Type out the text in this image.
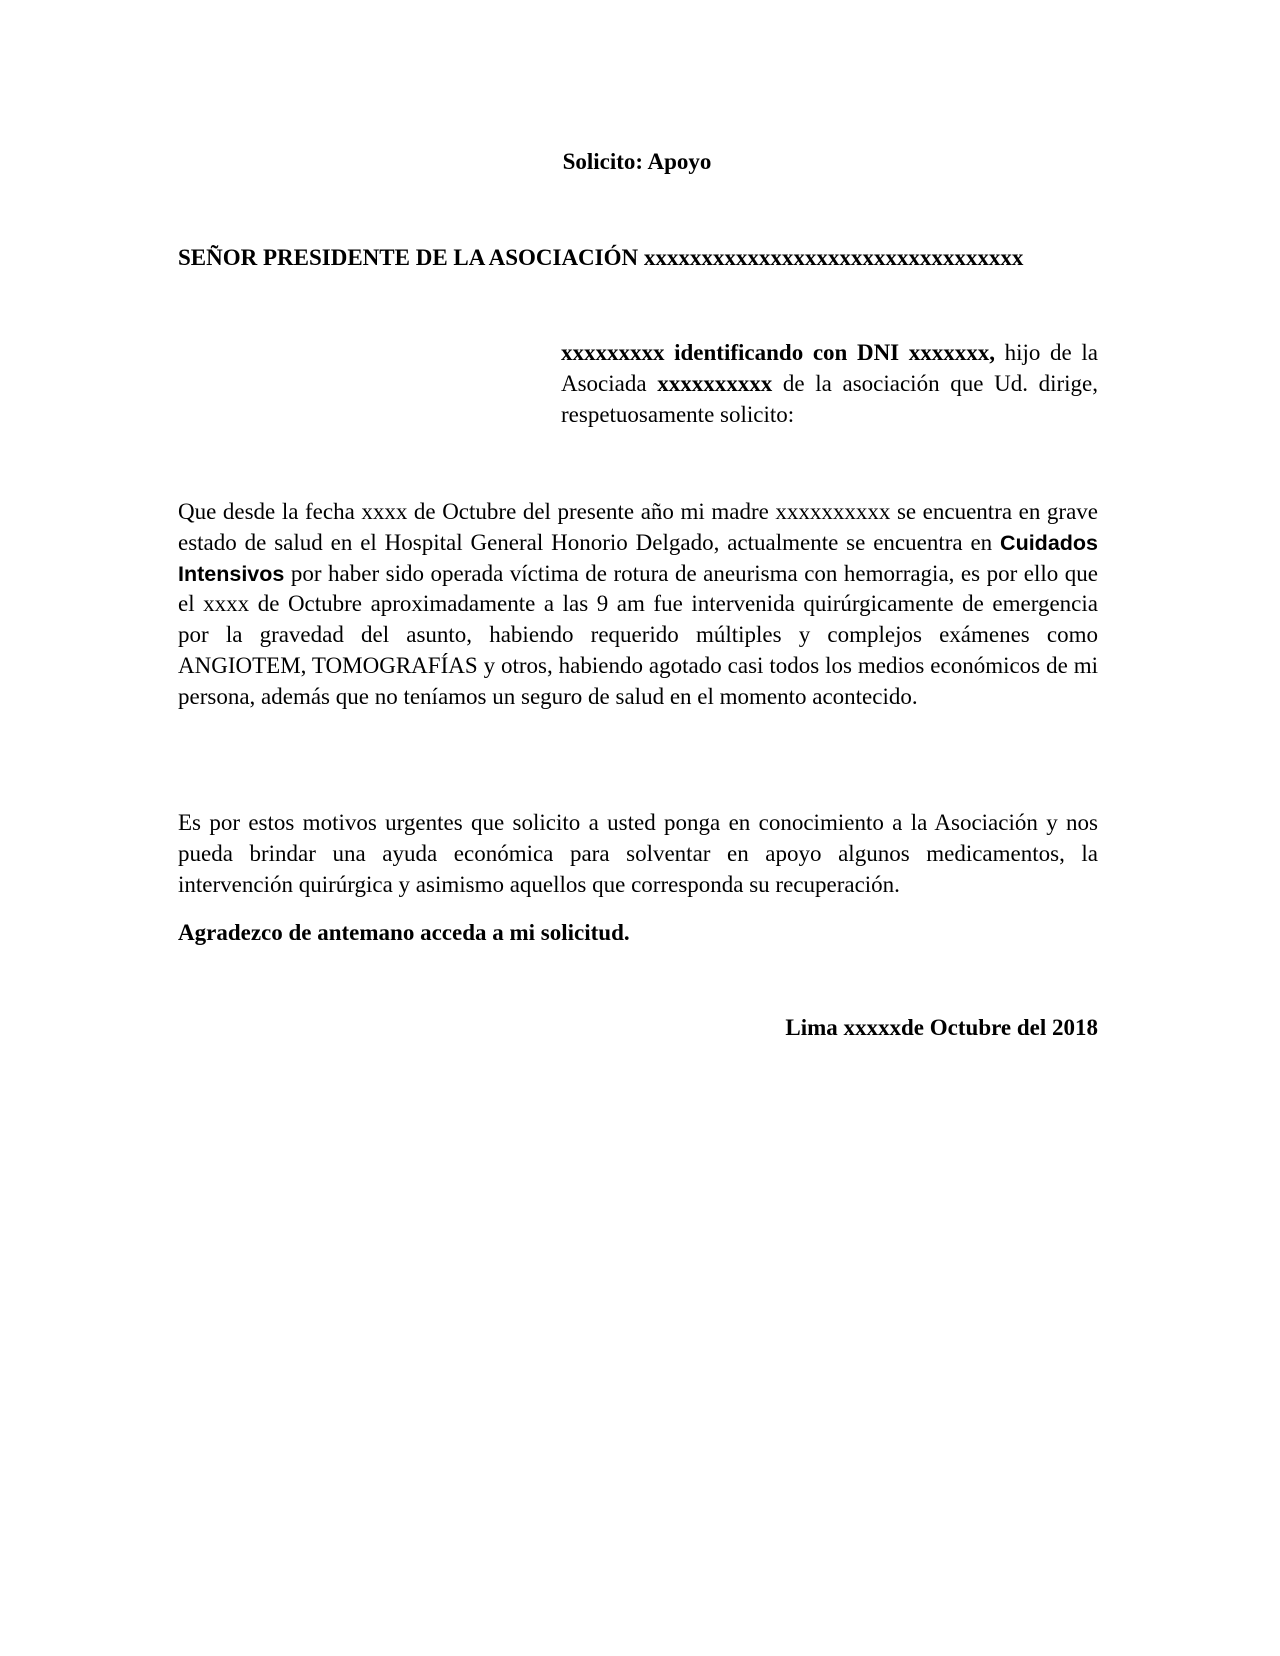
Solicito: Apoyo

SEÑOR PRESIDENTE DE LA ASOCIACIÓN xxxxxxxxxxxxxxxxxxxxxxxxxxxxxxxxx

xxxxxxxxx identificando con DNI xxxxxxx, hijo de la Asociada xxxxxxxxxx de la asociación que Ud. dirige, respetuosamente solicito:

Que desde la fecha xxxx de Octubre del presente año mi madre xxxxxxxxxx se encuentra en grave estado de salud en el Hospital General Honorio Delgado, actualmente se encuentra en Cuidados Intensivos por haber sido operada víctima de rotura de aneurisma con hemorragia, es por ello que el xxxx de Octubre aproximadamente a las 9 am fue intervenida quirúrgicamente de emergencia por la gravedad del asunto, habiendo requerido múltiples y complejos exámenes como ANGIOTEM, TOMOGRAFÍAS y otros, habiendo agotado casi todos los medios económicos de mi persona, además que no teníamos un seguro de salud en el momento acontecido.

Es por estos motivos urgentes que solicito a usted ponga en conocimiento a la Asociación y nos pueda brindar una ayuda económica para solventar en apoyo algunos medicamentos, la intervención quirúrgica y asimismo aquellos que corresponda su recuperación.

Agradezco de antemano acceda a mi solicitud.

Lima xxxxxde Octubre del 2018
